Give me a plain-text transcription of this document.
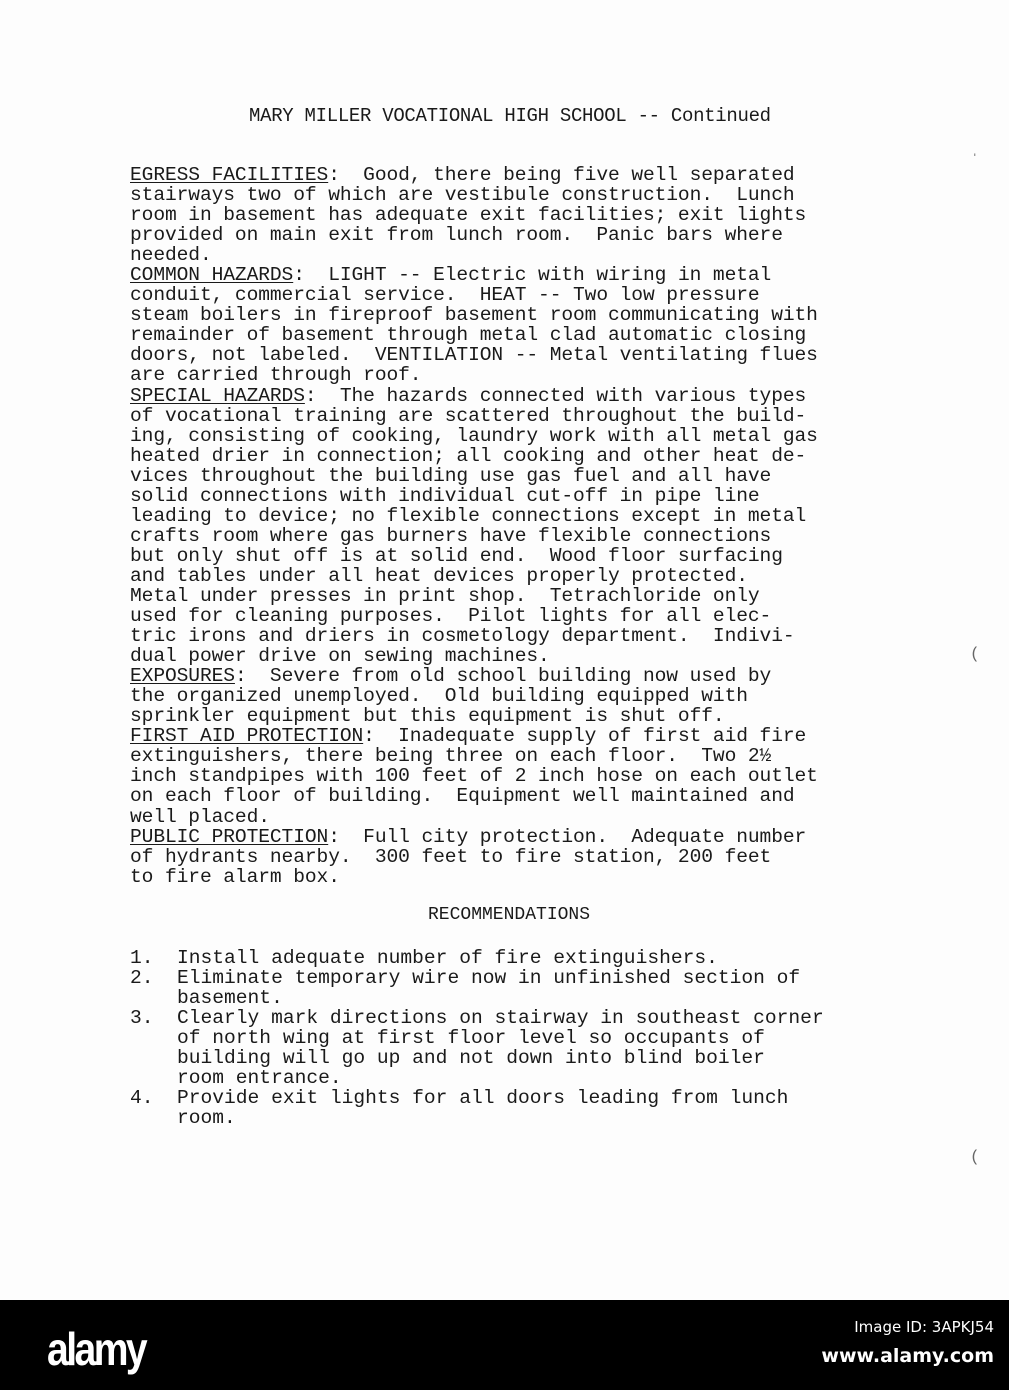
MARY MILLER VOCATIONAL HIGH SCHOOL -- Continued
EGRESS FACILITIES:  Good, there being five well separated
stairways two of which are vestibule construction.  Lunch
room in basement has adequate exit facilities; exit lights
provided on main exit from lunch room.  Panic bars where
needed.
COMMON HAZARDS:  LIGHT -- Electric with wiring in metal
conduit, commercial service.  HEAT -- Two low pressure
steam boilers in fireproof basement room communicating with
remainder of basement through metal clad automatic closing
doors, not labeled.  VENTILATION -- Metal ventilating flues
are carried through roof.
SPECIAL HAZARDS:  The hazards connected with various types
of vocational training are scattered throughout the build-
ing, consisting of cooking, laundry work with all metal gas
heated drier in connection; all cooking and other heat de-
vices throughout the building use gas fuel and all have
solid connections with individual cut-off in pipe line
leading to device; no flexible connections except in metal
crafts room where gas burners have flexible connections
but only shut off is at solid end.  Wood floor surfacing
and tables under all heat devices properly protected.
Metal under presses in print shop.  Tetrachloride only
used for cleaning purposes.  Pilot lights for all elec-
tric irons and driers in cosmetology department.  Indivi-
dual power drive on sewing machines.
EXPOSURES:  Severe from old school building now used by
the organized unemployed.  Old building equipped with
sprinkler equipment but this equipment is shut off.
FIRST AID PROTECTION:  Inadequate supply of first aid fire
extinguishers, there being three on each floor.  Two 2½
inch standpipes with 100 feet of 2 inch hose on each outlet
on each floor of building.  Equipment well maintained and
well placed.
PUBLIC PROTECTION:  Full city protection.  Adequate number
of hydrants nearby.  300 feet to fire station, 200 feet
to fire alarm box.
RECOMMENDATIONS
1.	Install adequate number of fire extinguishers.
2.	Eliminate temporary wire now in unfinished section of
basement.
3.	Clearly mark directions on stairway in southeast corner
of north wing at first floor level so occupants of
building will go up and not down into blind boiler
room entrance.
4.	Provide exit lights for all doors leading from lunch
room.
ˌ
(
(
alamy	Image ID: 3APKJ54
www.alamy.com
